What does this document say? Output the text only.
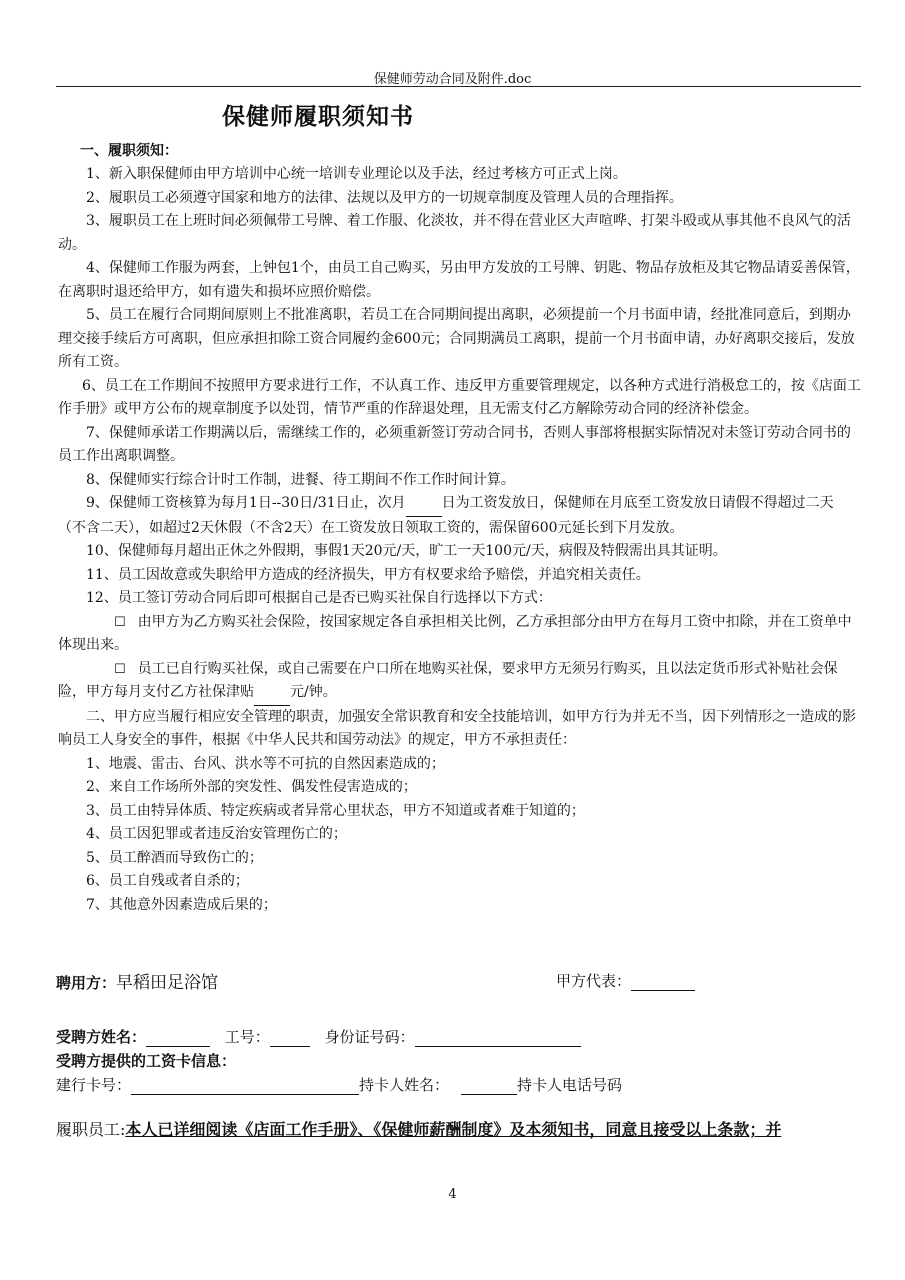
保健师劳动合同及附件.doc
保健师履职须知书
一、履职须知：

1、新入职保健师由甲方培训中心统一培训专业理论以及手法，经过考核方可正式上岗。

2、履职员工必须遵守国家和地方的法律、法规以及甲方的一切规章制度及管理人员的合理指挥。

3、履职员工在上班时间必须佩带工号牌、着工作服、化淡妆，并不得在营业区大声喧哗、打架斗殴或从事其他不良风气的活动。

4、保健师工作服为两套，上钟包1个，由员工自己购买，另由甲方发放的工号牌、钥匙、物品存放柜及其它物品请妥善保管，在离职时退还给甲方，如有遗失和损坏应照价赔偿。

5、员工在履行合同期间原则上不批准离职，若员工在合同期间提出离职，必须提前一个月书面申请，经批准同意后，到期办理交接手续后方可离职，但应承担扣除工资合同履约金600元；合同期满员工离职，提前一个月书面申请，办好离职交接后，发放所有工资。

6、员工在工作期间不按照甲方要求进行工作，不认真工作、违反甲方重要管理规定，以各种方式进行消极怠工的，按《店面工作手册》或甲方公布的规章制度予以处罚，情节严重的作辞退处理，且无需支付乙方解除劳动合同的经济补偿金。

7、保健师承诺工作期满以后，需继续工作的，必须重新签订劳动合同书，否则人事部将根据实际情况对未签订劳动合同书的员工作出离职调整。

8、保健师实行综合计时工作制，进餐、待工期间不作工作时间计算。

9、保健师工资核算为每月1日--30日/31日止，次月	日为工资发放日，保健师在月底至工资发放日请假不得超过二天（不含二天），如超过2天休假（不含2天）在工资发放日领取工资的，需保留600元延长到下月发放。

10、保健师每月超出正休之外假期，事假1天20元/天，旷工一天100元/天，病假及特假需出具其证明。

11、员工因故意或失职给甲方造成的经济损失，甲方有权要求给予赔偿，并追究相关责任。

12、员工签订劳动合同后即可根据自己是否已购买社保自行选择以下方式：

☐ 由甲方为乙方购买社会保险，按国家规定各自承担相关比例，乙方承担部分由甲方在每月工资中扣除，并在工资单中体现出来。

☐ 员工已自行购买社保，或自己需要在户口所在地购买社保，要求甲方无须另行购买，且以法定货币形式补贴社会保险，甲方每月支付乙方社保津贴	元/钟。

二、甲方应当履行相应安全管理的职责，加强安全常识教育和安全技能培训，如甲方行为并无不当，因下列情形之一造成的影响员工人身安全的事件，根据《中华人民共和国劳动法》的规定，甲方不承担责任：

1、地震、雷击、台风、洪水等不可抗的自然因素造成的；

2、来自工作场所外部的突发性、偶发性侵害造成的；

3、员工由特异体质、特定疾病或者异常心里状态，甲方不知道或者难于知道的；

4、员工因犯罪或者违反治安管理伤亡的；

5、员工醉酒而导致伤亡的；

6、员工自残或者自杀的；

7、其他意外因素造成后果的；

聘用方：早稻田足浴馆	甲方代表：
受聘方姓名：	工号：	身份证号码：
受聘方提供的工资卡信息：
建行卡号：	持卡人姓名：	持卡人电话号码
履职员工:本人已详细阅读《店面工作手册》、《保健师薪酬制度》及本须知书，同意且接受以上条款；并
4
